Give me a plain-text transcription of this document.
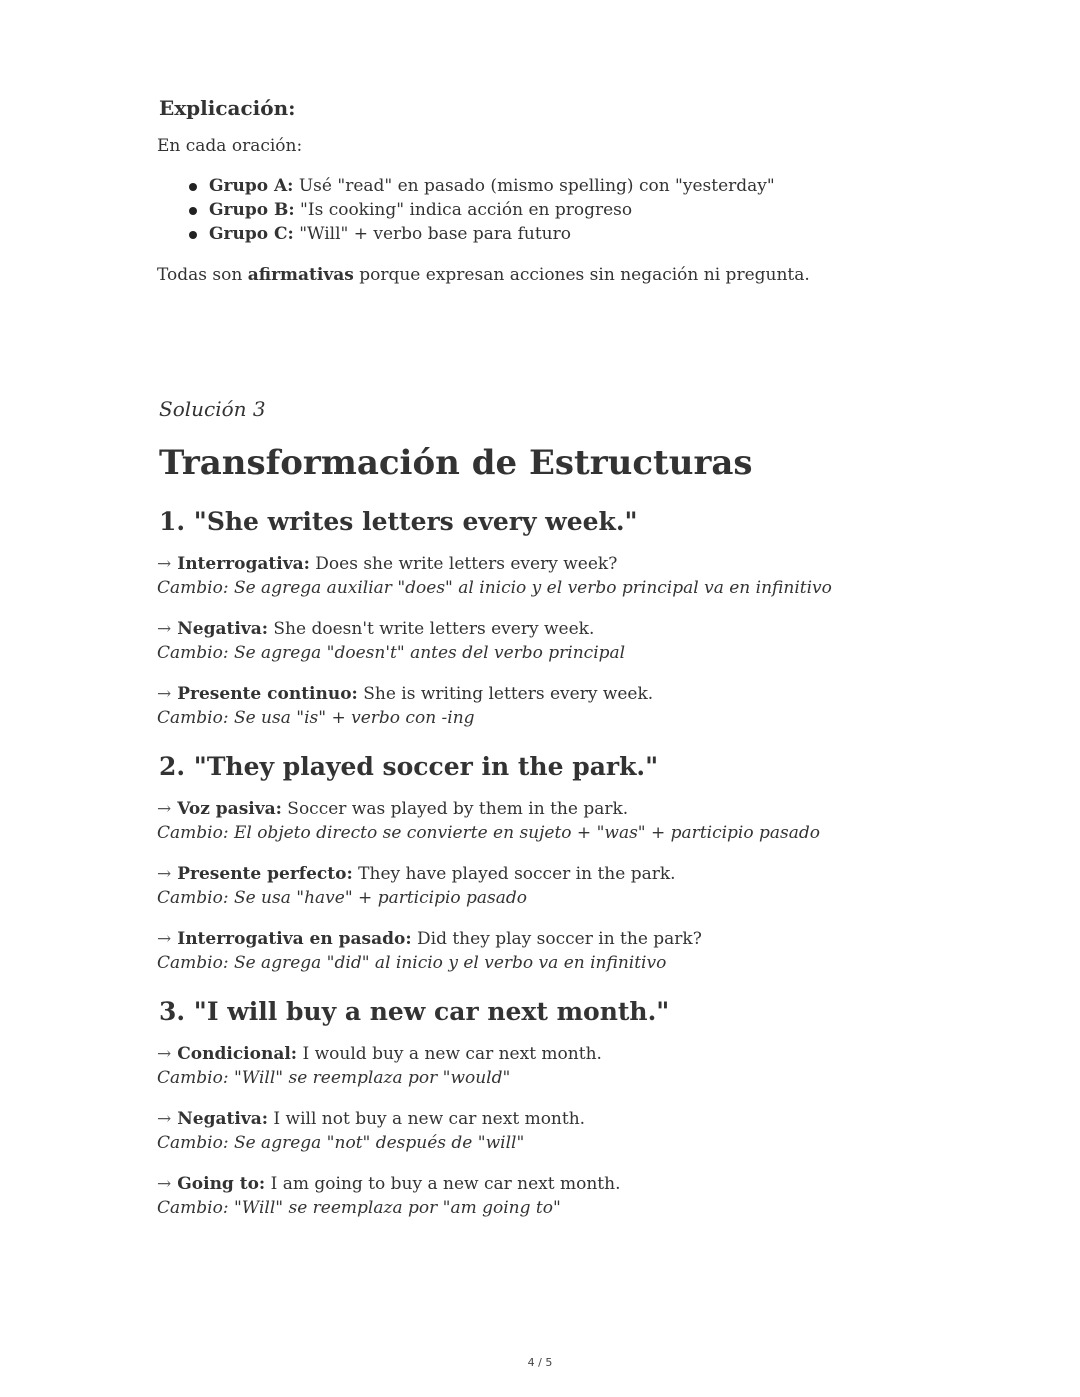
Explicación:

En cada oración:

Grupo A: Usé "read" en pasado (mismo spelling) con "yesterday"
Grupo B: "Is cooking" indica acción en progreso
Grupo C: "Will" + verbo base para futuro

Todas son afirmativas porque expresan acciones sin negación ni pregunta.

Solución 3
Transformación de Estructuras
1. "She writes letters every week."

→ Interrogativa: Does she write letters every week?

Cambio: Se agrega auxiliar "does" al inicio y el verbo principal va en infinitivo

→ Negativa: She doesn't write letters every week.

Cambio: Se agrega "doesn't" antes del verbo principal

→ Presente continuo: She is writing letters every week.

Cambio: Se usa "is" + verbo con -ing

2. "They played soccer in the park."

→ Voz pasiva: Soccer was played by them in the park.

Cambio: El objeto directo se convierte en sujeto + "was" + participio pasado

→ Presente perfecto: They have played soccer in the park.

Cambio: Se usa "have" + participio pasado

→ Interrogativa en pasado: Did they play soccer in the park?

Cambio: Se agrega "did" al inicio y el verbo va en infinitivo

3. "I will buy a new car next month."

→ Condicional: I would buy a new car next month.

Cambio: "Will" se reemplaza por "would"

→ Negativa: I will not buy a new car next month.

Cambio: Se agrega "not" después de "will"

→ Going to: I am going to buy a new car next month.

Cambio: "Will" se reemplaza por "am going to"

4 / 5
